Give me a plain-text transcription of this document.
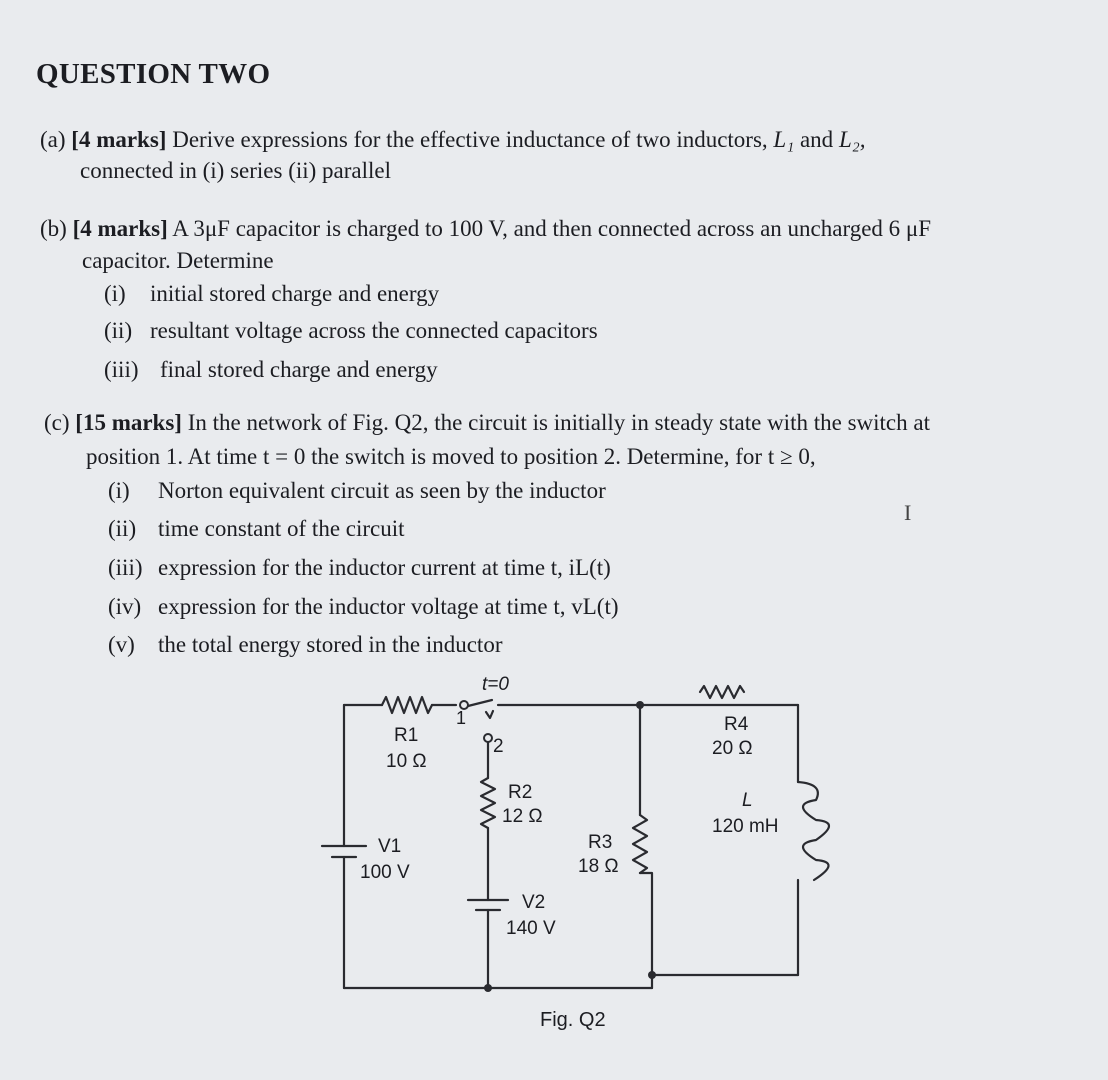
QUESTION TWO
(a) [4 marks] Derive expressions for the effective inductance of two inductors, L₁ and L₂,
connected in (i) series (ii) parallel
(b) [4 marks] A 3μF capacitor is charged to 100 V, and then connected across an uncharged 6 μF
capacitor. Determine
(i) initial stored charge and energy
(ii) resultant voltage across the connected capacitors
(iii) final stored charge and energy
(c) [15 marks] In the network of Fig. Q2, the circuit is initially in steady state with the switch at
position 1. At time t = 0 the switch is moved to position 2. Determine, for t ≥ 0,
(i) Norton equivalent circuit as seen by the inductor
(ii) time constant of the circuit
(iii) expression for the inductor current at time t, iL(t)
(iv) expression for the inductor voltage at time t, vL(t)
(v) the total energy stored in the inductor
I
t=0
1
2
R1
10 Ω
R2
12 Ω
R3
18 Ω
R4
20 Ω
L
120 mH
V1
100 V
V2
140 V
Fig. Q2
